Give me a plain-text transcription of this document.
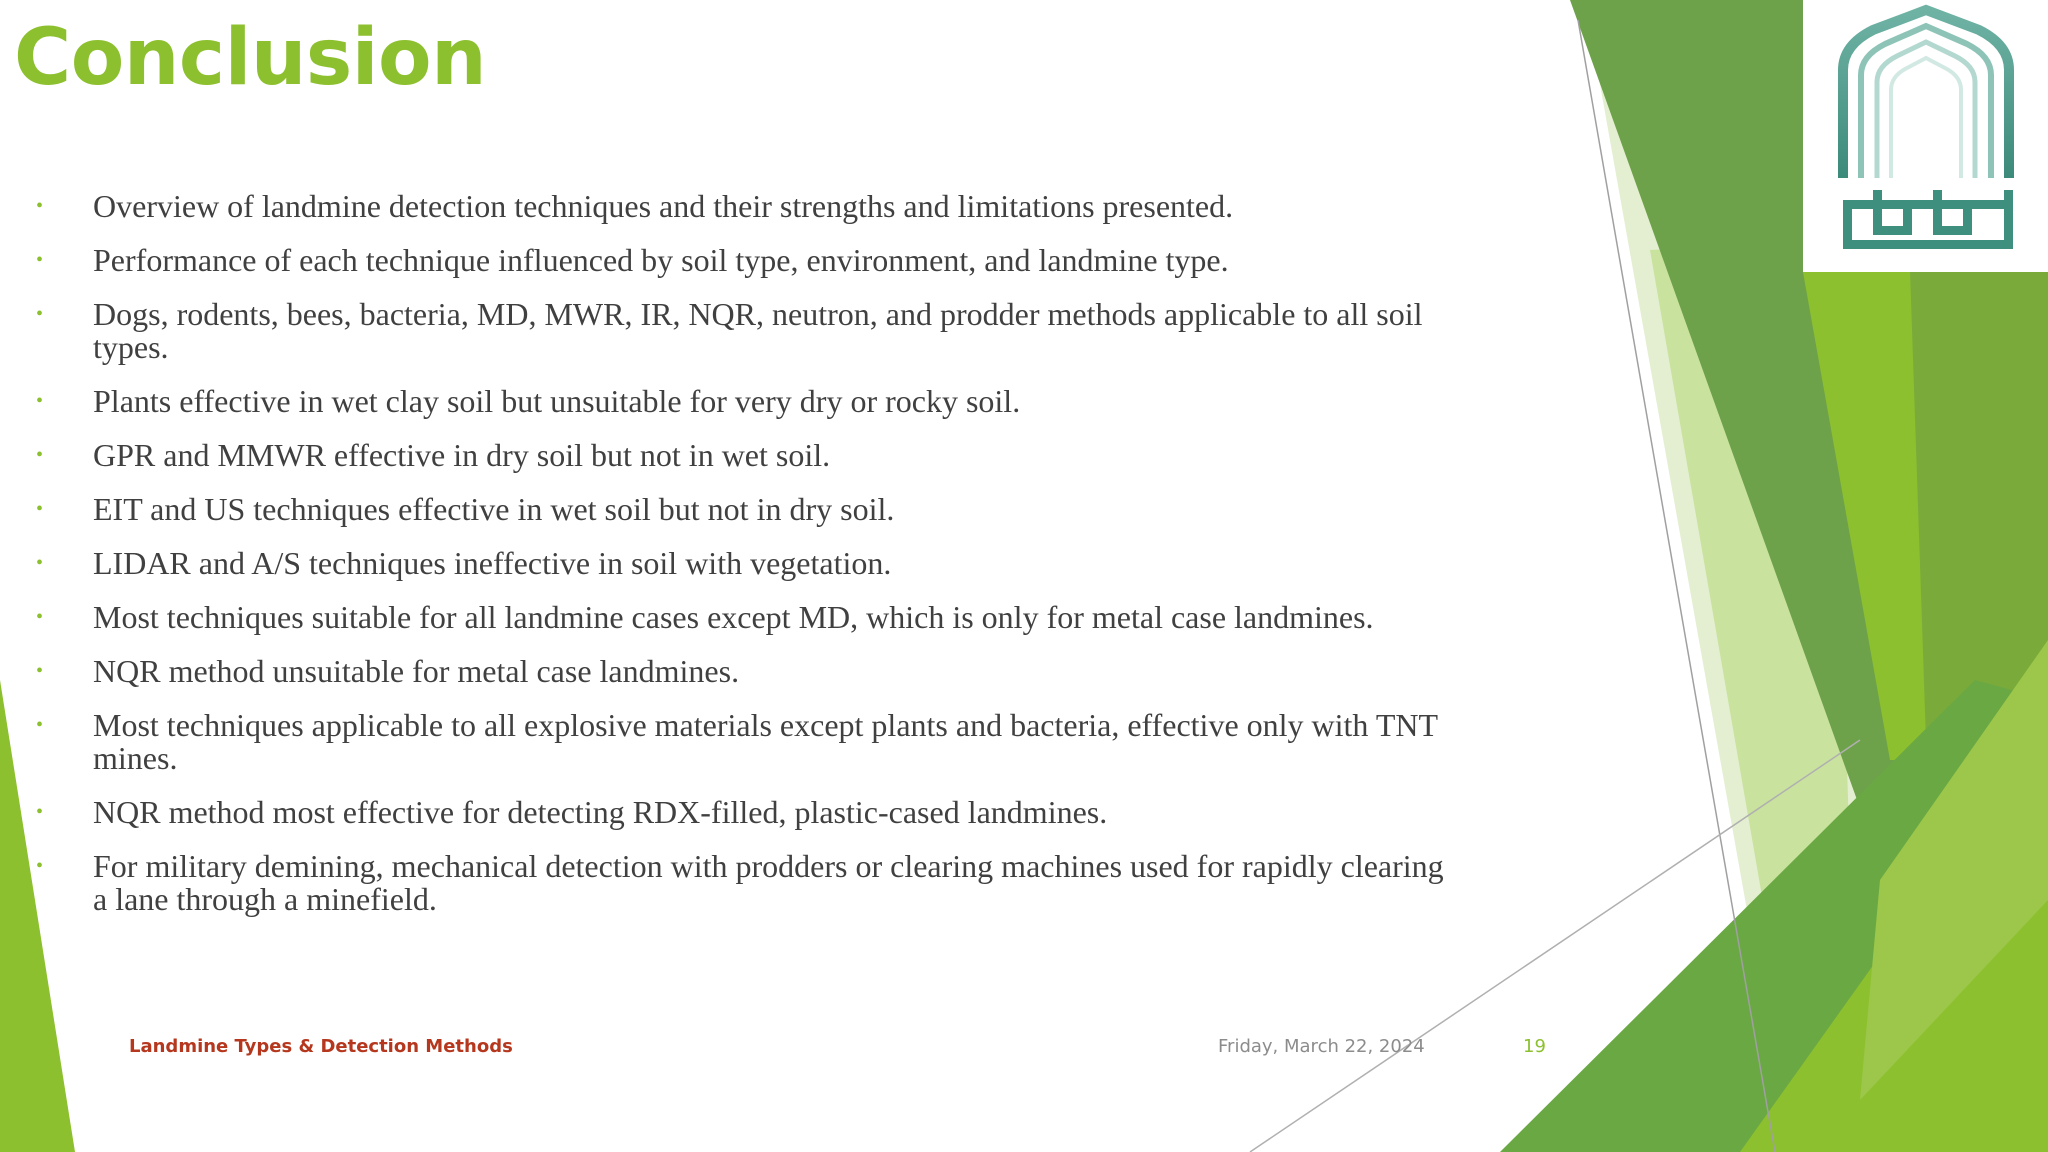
Conclusion
• Overview of landmine detection techniques and their strengths and limitations presented.
• Performance of each technique influenced by soil type, environment, and landmine type.
• Dogs, rodents, bees, bacteria, MD, MWR, IR, NQR, neutron, and prodder methods applicable to all soil types.
• Plants effective in wet clay soil but unsuitable for very dry or rocky soil.
• GPR and MMWR effective in dry soil but not in wet soil.
• EIT and US techniques effective in wet soil but not in dry soil.
• LIDAR and A/S techniques ineffective in soil with vegetation.
• Most techniques suitable for all landmine cases except MD, which is only for metal case landmines.
• NQR method unsuitable for metal case landmines.
• Most techniques applicable to all explosive materials except plants and bacteria, effective only with TNT mines.
• NQR method most effective for detecting RDX-filled, plastic-cased landmines.
• For military demining, mechanical detection with prodders or clearing machines used for rapidly clearing a lane through a minefield.
Landmine Types & Detection Methods	Friday, March 22, 2024	19
